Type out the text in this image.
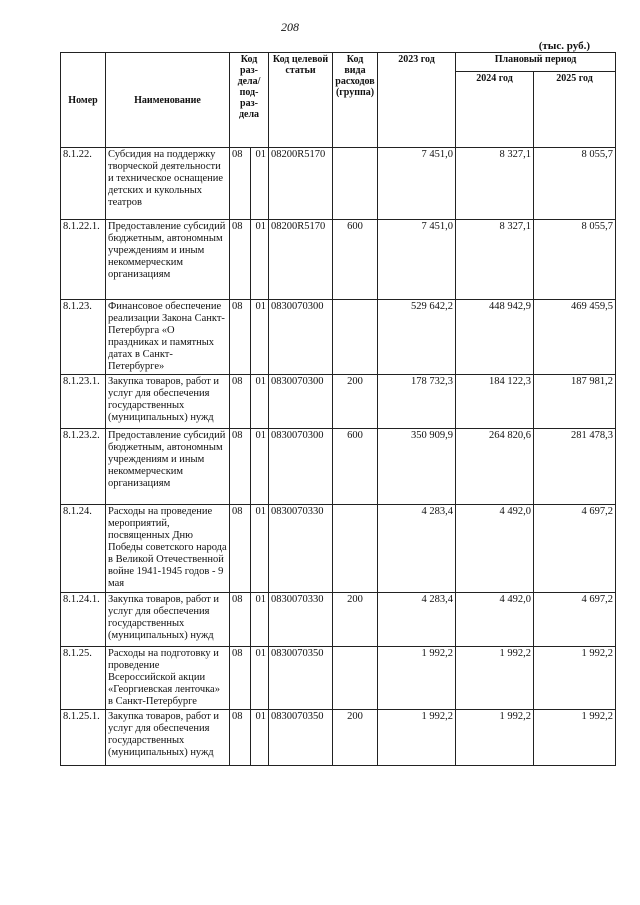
208
(тыс. руб.)
Номер	Наименование	Код раз- дела/ под- раз- дела		Код целевой статьи	Код вида расходов (группа)	2023 год	Плановый период	
							2024 год	2025 год
8.1.22.	Субсидия на поддержку творческой деятельности и техническое оснащение детских и кукольных театров	08	01	08200R5170		7 451,0	8 327,1	8 055,7
8.1.22.1.	Предоставление субсидий бюджетным, автономным учреждениям и иным некоммерческим организациям	08	01	08200R5170	600	7 451,0	8 327,1	8 055,7
8.1.23.	Финансовое обеспечение реализации Закона Санкт-Петербурга «О праздниках и памятных датах в Санкт-Петербурге»	08	01	0830070300		529 642,2	448 942,9	469 459,5
8.1.23.1.	Закупка товаров, работ и услуг для обеспечения государственных (муниципальных) нужд	08	01	0830070300	200	178 732,3	184 122,3	187 981,2
8.1.23.2.	Предоставление субсидий бюджетным, автономным учреждениям и иным некоммерческим организациям	08	01	0830070300	600	350 909,9	264 820,6	281 478,3
8.1.24.	Расходы на проведение мероприятий, посвященных Дню Победы советского народа в Великой Отечественной войне 1941-1945 годов - 9 мая	08	01	0830070330		4 283,4	4 492,0	4 697,2
8.1.24.1.	Закупка товаров, работ и услуг для обеспечения государственных (муниципальных) нужд	08	01	0830070330	200	4 283,4	4 492,0	4 697,2
8.1.25.	Расходы на подготовку и проведение Всероссийской акции «Георгиевская ленточка» в Санкт-Петербурге	08	01	0830070350		1 992,2	1 992,2	1 992,2
8.1.25.1.	Закупка товаров, работ и услуг для обеспечения государственных (муниципальных) нужд	08	01	0830070350	200	1 992,2	1 992,2	1 992,2
